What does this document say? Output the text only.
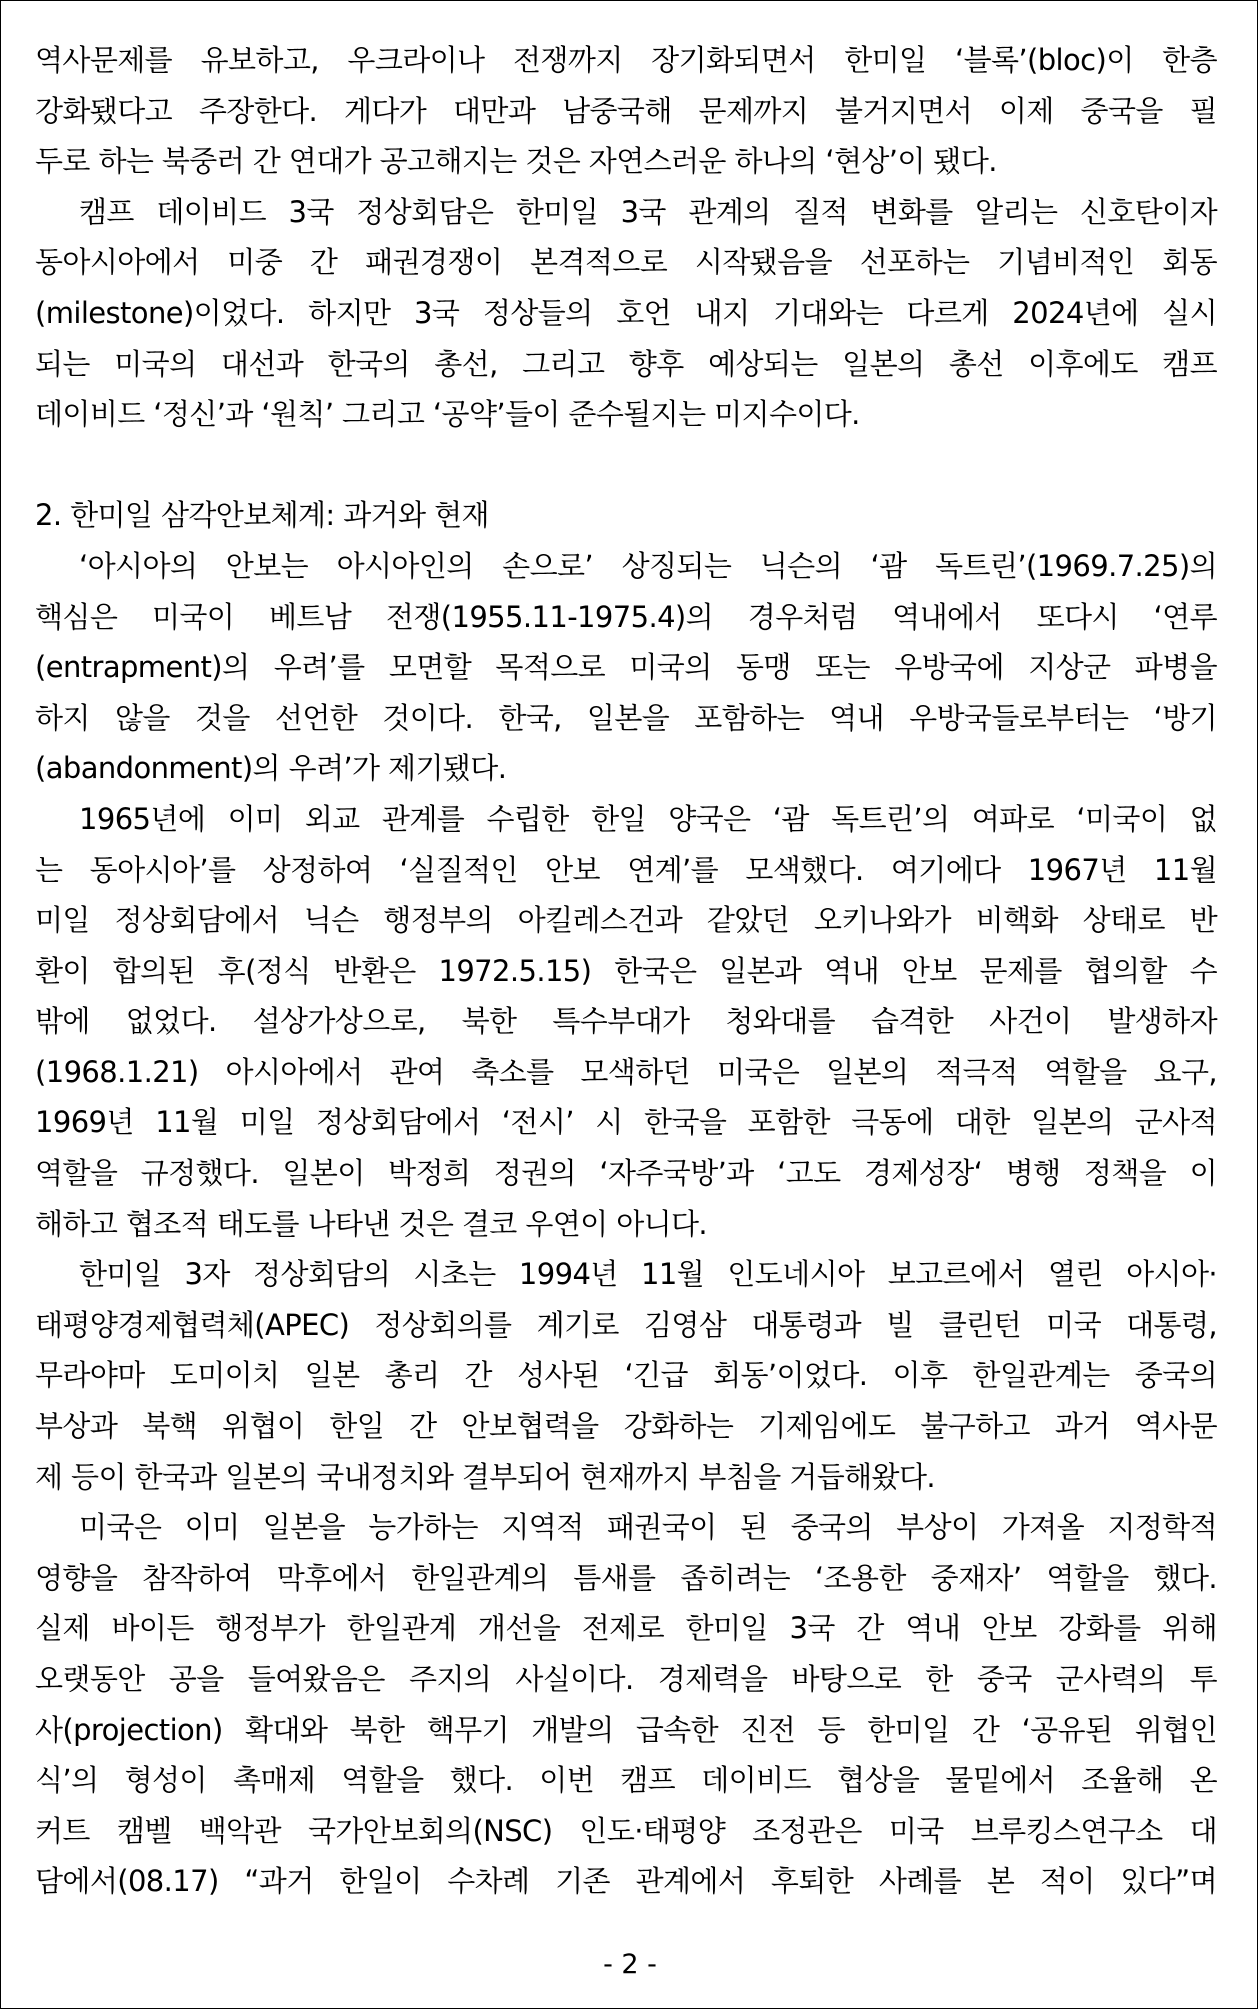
역사문제를 유보하고, 우크라이나 전쟁까지 장기화되면서 한미일 ‘블록’(bloc)이 한층
강화됐다고 주장한다. 게다가 대만과 남중국해 문제까지 불거지면서 이제 중국을 필
두로 하는 북중러 간 연대가 공고해지는 것은 자연스러운 하나의 ‘현상’이 됐다.
캠프 데이비드 3국 정상회담은 한미일 3국 관계의 질적 변화를 알리는 신호탄이자
동아시아에서 미중 간 패권경쟁이 본격적으로 시작됐음을 선포하는 기념비적인 회동
(milestone)이었다. 하지만 3국 정상들의 호언 내지 기대와는 다르게 2024년에 실시
되는 미국의 대선과 한국의 총선, 그리고 향후 예상되는 일본의 총선 이후에도 캠프
데이비드 ‘정신’과 ‘원칙’ 그리고 ‘공약’들이 준수될지는 미지수이다.
2. 한미일 삼각안보체계: 과거와 현재
‘아시아의 안보는 아시아인의 손으로’ 상징되는 닉슨의 ‘괌 독트린’(1969.7.25)의
핵심은 미국이 베트남 전쟁(1955.11-1975.4)의 경우처럼 역내에서 또다시 ‘연루
(entrapment)의 우려’를 모면할 목적으로 미국의 동맹 또는 우방국에 지상군 파병을
하지 않을 것을 선언한 것이다. 한국, 일본을 포함하는 역내 우방국들로부터는 ‘방기
(abandonment)의 우려’가 제기됐다.
1965년에 이미 외교 관계를 수립한 한일 양국은 ‘괌 독트린’의 여파로 ‘미국이 없
는 동아시아’를 상정하여 ‘실질적인 안보 연계’를 모색했다. 여기에다 1967년 11월
미일 정상회담에서 닉슨 행정부의 아킬레스건과 같았던 오키나와가 비핵화 상태로 반
환이 합의된 후(정식 반환은 1972.5.15) 한국은 일본과 역내 안보 문제를 협의할 수
밖에 없었다. 설상가상으로, 북한 특수부대가 청와대를 습격한 사건이 발생하자
(1968.1.21) 아시아에서 관여 축소를 모색하던 미국은 일본의 적극적 역할을 요구,
1969년 11월 미일 정상회담에서 ‘전시’ 시 한국을 포함한 극동에 대한 일본의 군사적
역할을 규정했다. 일본이 박정희 정권의 ‘자주국방’과 ‘고도 경제성장‘ 병행 정책을 이
해하고 협조적 태도를 나타낸 것은 결코 우연이 아니다.
한미일 3자 정상회담의 시초는 1994년 11월 인도네시아 보고르에서 열린 아시아·
태평양경제협력체(APEC) 정상회의를 계기로 김영삼 대통령과 빌 클린턴 미국 대통령,
무라야마 도미이치 일본 총리 간 성사된 ‘긴급 회동’이었다. 이후 한일관계는 중국의
부상과 북핵 위협이 한일 간 안보협력을 강화하는 기제임에도 불구하고 과거 역사문
제 등이 한국과 일본의 국내정치와 결부되어 현재까지 부침을 거듭해왔다.
미국은 이미 일본을 능가하는 지역적 패권국이 된 중국의 부상이 가져올 지정학적
영향을 참작하여 막후에서 한일관계의 틈새를 좁히려는 ‘조용한 중재자’ 역할을 했다.
실제 바이든 행정부가 한일관계 개선을 전제로 한미일 3국 간 역내 안보 강화를 위해
오랫동안 공을 들여왔음은 주지의 사실이다. 경제력을 바탕으로 한 중국 군사력의 투
사(projection) 확대와 북한 핵무기 개발의 급속한 진전 등 한미일 간 ‘공유된 위협인
식’의 형성이 촉매제 역할을 했다. 이번 캠프 데이비드 협상을 물밑에서 조율해 온
커트 캠벨 백악관 국가안보회의(NSC) 인도·태평양 조정관은 미국 브루킹스연구소 대
담에서(08.17) “과거 한일이 수차례 기존 관계에서 후퇴한 사례를 본 적이 있다”며
- 2 -
